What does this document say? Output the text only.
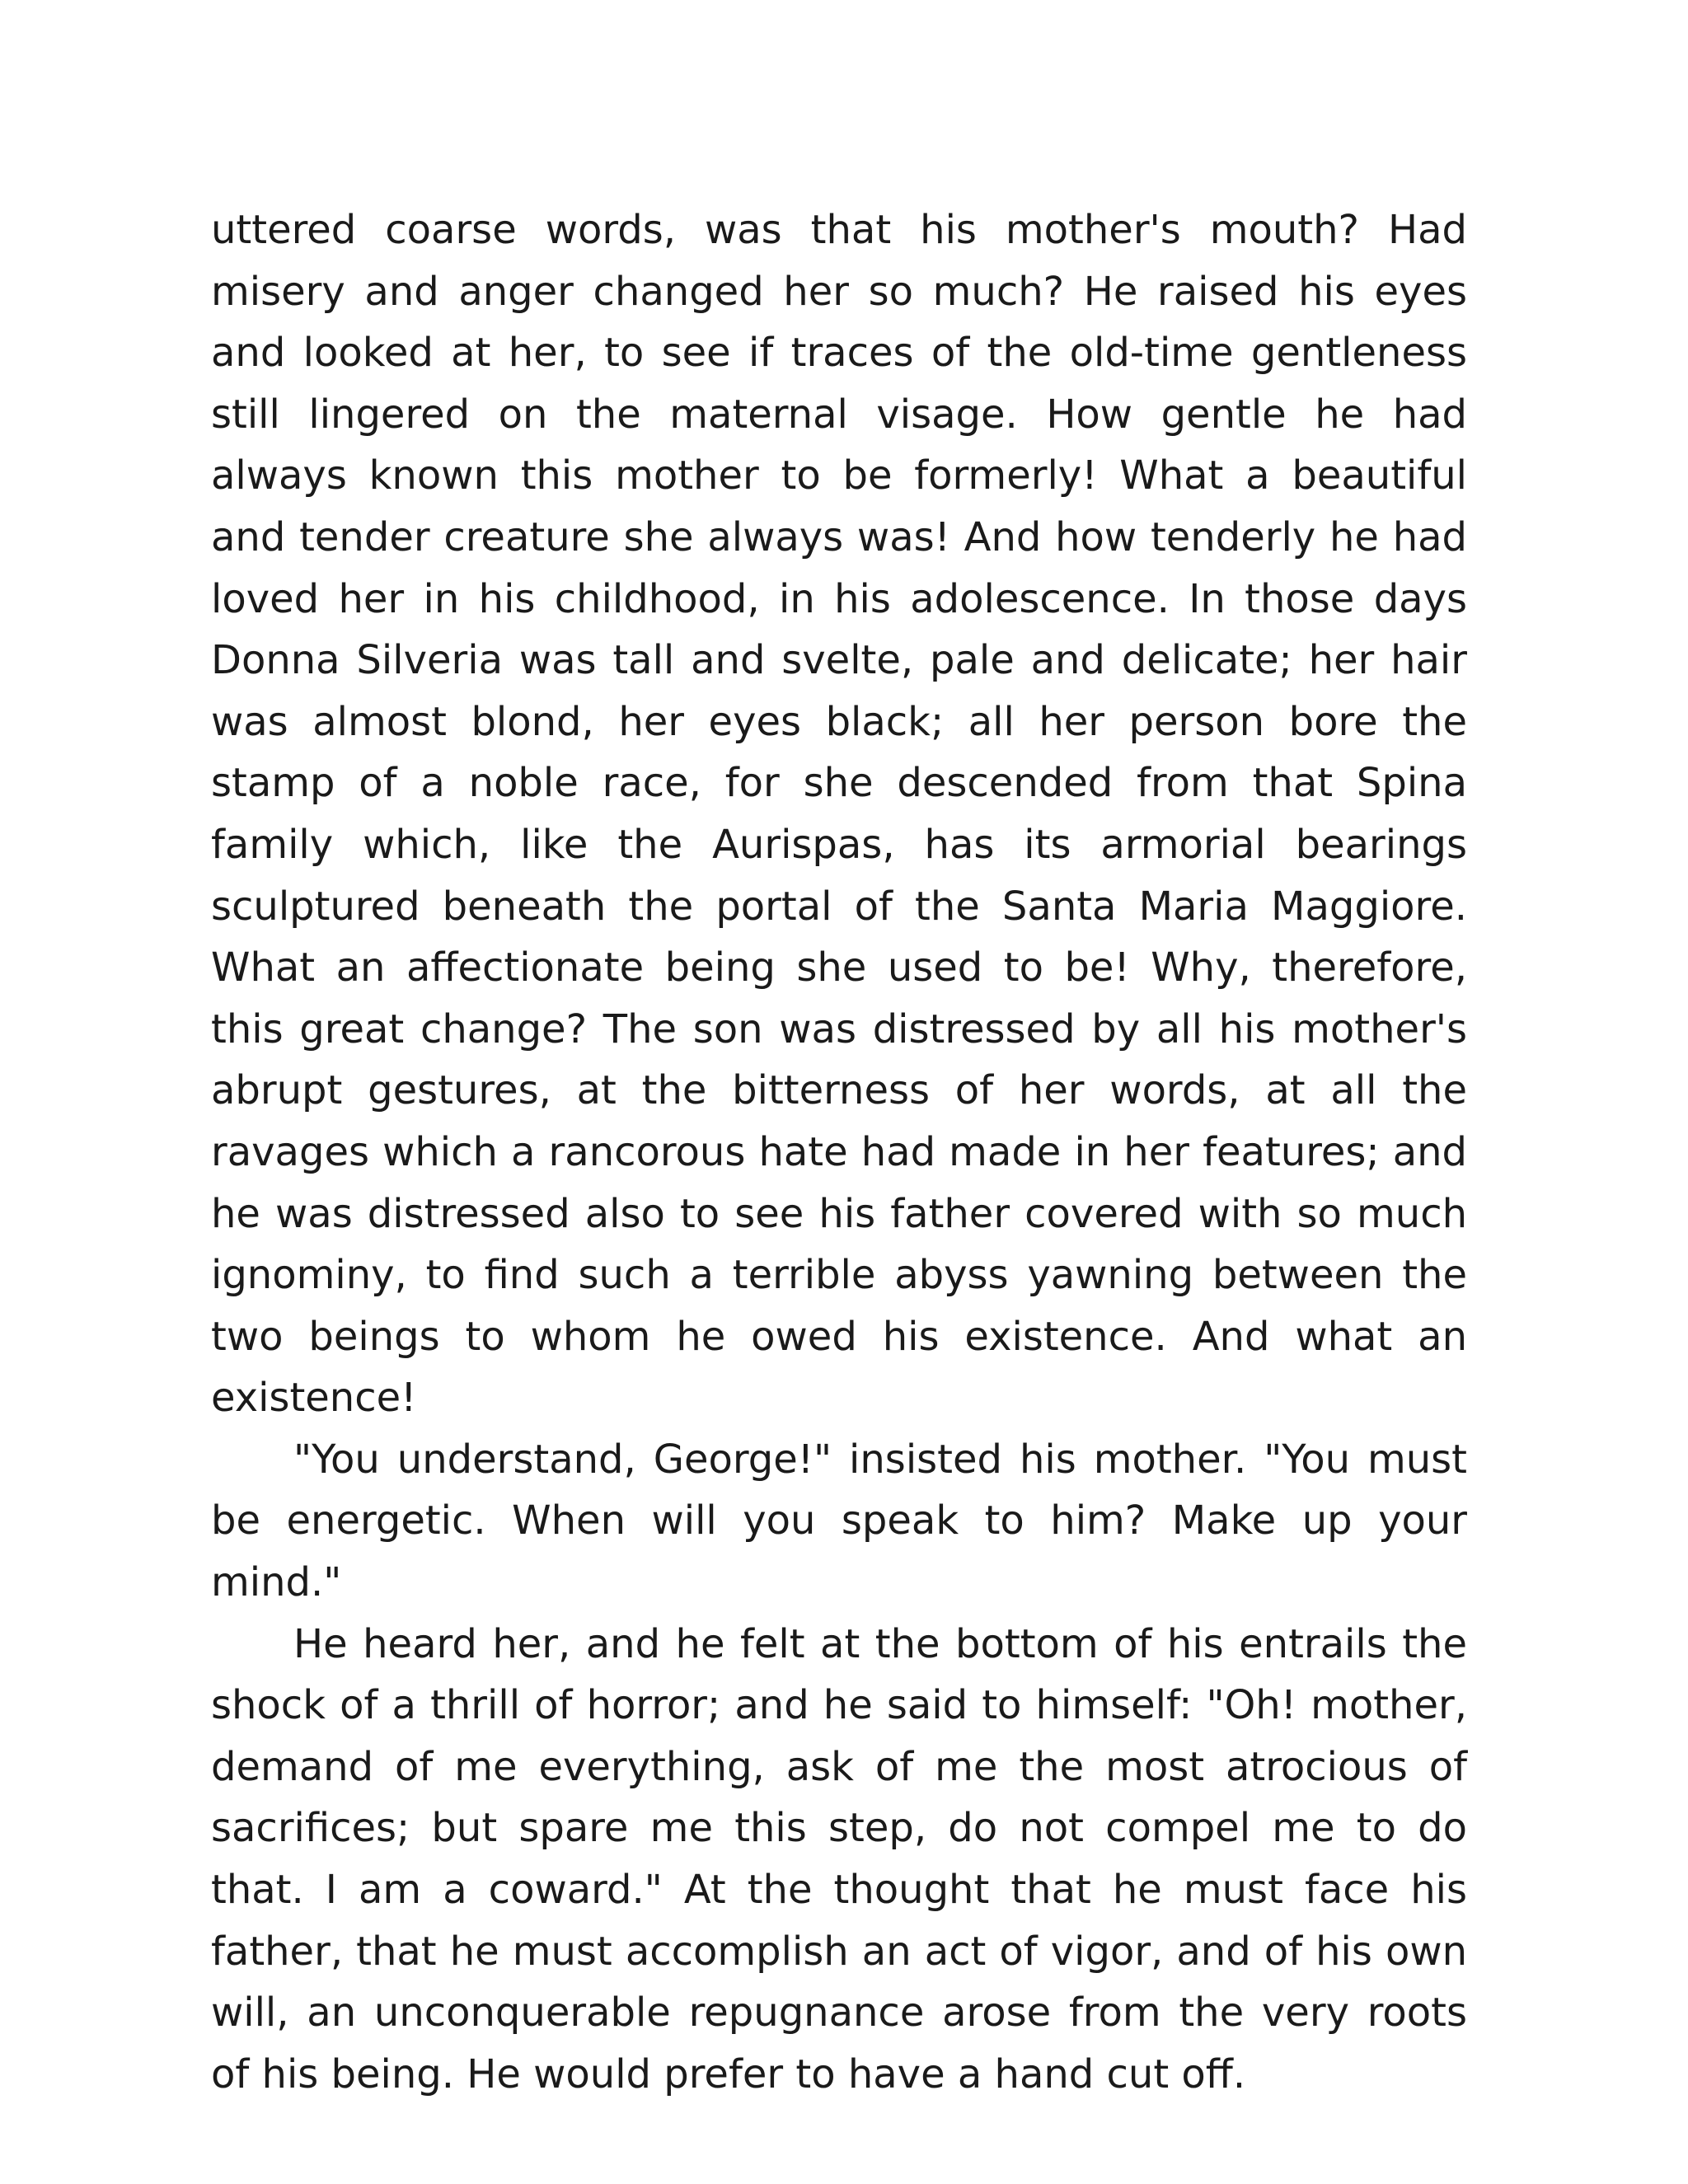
uttered coarse words, was that his mother's mouth? Had misery and anger changed her so much? He raised his eyes and looked at her, to see if traces of the old-time gentleness still lingered on the maternal visage. How gentle he had always known this mother to be formerly! What a beautiful and tender creature she always was! And how tenderly he had loved her in his childhood, in his adolescence. In those days Donna Silveria was tall and svelte, pale and delicate; her hair was almost blond, her eyes black; all her person bore the stamp of a noble race, for she descended from that Spina family which, like the Aurispas, has its armorial bearings sculptured beneath the portal of the Santa Maria Maggiore. What an affectionate being she used to be! Why, therefore, this great change? The son was distressed by all his mother's abrupt gestures, at the bitterness of her words, at all the ravages which a rancorous hate had made in her features; and he was distressed also to see his father covered with so much ignominy, to find such a terrible abyss yawning between the two beings to whom he owed his existence. And what an existence!

"You understand, George!" insisted his mother. "You must be energetic. When will you speak to him? Make up your mind."

He heard her, and he felt at the bottom of his entrails the shock of a thrill of horror; and he said to himself: "Oh! mother, demand of me everything, ask of me the most atrocious of sacrifices; but spare me this step, do not compel me to do that. I am a coward." At the thought that he must face his father, that he must accomplish an act of vigor, and of his own will, an unconquerable repugnance arose from the very roots of his being. He would prefer to have a hand cut off.
